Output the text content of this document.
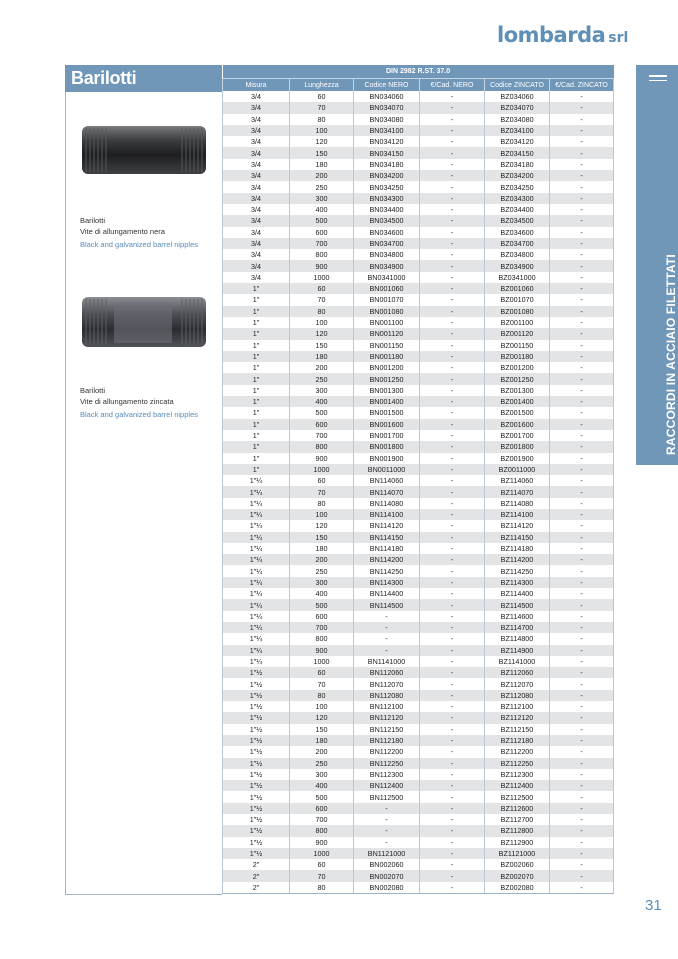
lombarda srl
Barilotti
Barilotti
Vite di allungamento nera
Black and galvanized barrel nipples
Barilotti
Vite di allungamento zincata
Black and galvanized barrel nipples
DIN 2982 R.ST. 37.0					
Misura	Lunghezza	Codice NERO	€/Cad. NERO	Codice ZINCATO	€/Cad. ZINCATO
3/4	60	BN034060	-	BZ034060	-
3/4	70	BN034070	-	BZ034070	-
3/4	80	BN034080	-	BZ034080	-
3/4	100	BN034100	-	BZ034100	-
3/4	120	BN034120	-	BZ034120	-
3/4	150	BN034150	-	BZ034150	-
3/4	180	BN034180	-	BZ034180	-
3/4	200	BN034200	-	BZ034200	-
3/4	250	BN034250	-	BZ034250	-
3/4	300	BN034300	-	BZ034300	-
3/4	400	BN034400	-	BZ034400	-
3/4	500	BN034500	-	BZ034500	-
3/4	600	BN034600	-	BZ034600	-
3/4	700	BN034700	-	BZ034700	-
3/4	800	BN034800	-	BZ034800	-
3/4	900	BN034900	-	BZ034900	-
3/4	1000	BN0341000	-	BZ0341000	-
1"	60	BN001060	-	BZ001060	-
1"	70	BN001070	-	BZ001070	-
1"	80	BN001080	-	BZ001080	-
1"	100	BN001100	-	BZ001100	-
1"	120	BN001120	-	BZ001120	-
1"	150	BN001150	-	BZ001150	-
1"	180	BN001180	-	BZ001180	-
1"	200	BN001200	-	BZ001200	-
1"	250	BN001250	-	BZ001250	-
1"	300	BN001300	-	BZ001300	-
1"	400	BN001400	-	BZ001400	-
1"	500	BN001500	-	BZ001500	-
1"	600	BN001600	-	BZ001600	-
1"	700	BN001700	-	BZ001700	-
1"	800	BN001800	-	BZ001800	-
1"	900	BN001900	-	BZ001900	-
1"	1000	BN0011000	-	BZ0011000	-
1"¼	60	BN114060	-	BZ114060	-
1"¼	70	BN114070	-	BZ114070	-
1"¼	80	BN114080	-	BZ114080	-
1"¼	100	BN114100	-	BZ114100	-
1"¼	120	BN114120	-	BZ114120	-
1"¼	150	BN114150	-	BZ114150	-
1"¼	180	BN114180	-	BZ114180	-
1"¼	200	BN114200	-	BZ114200	-
1"¼	250	BN114250	-	BZ114250	-
1"¼	300	BN114300	-	BZ114300	-
1"¼	400	BN114400	-	BZ114400	-
1"¼	500	BN114500	-	BZ114500	-
1"¼	600	-	-	BZ114600	-
1"¼	700	-	-	BZ114700	-
1"¼	800	-	-	BZ114800	-
1"¼	900	-	-	BZ114900	-
1"¼	1000	BN1141000	-	BZ1141000	-
1"½	60	BN112060	-	BZ112060	-
1"½	70	BN112070	-	BZ112070	-
1"½	80	BN112080	-	BZ112080	-
1"½	100	BN112100	-	BZ112100	-
1"½	120	BN112120	-	BZ112120	-
1"½	150	BN112150	-	BZ112150	-
1"½	180	BN112180	-	BZ112180	-
1"½	200	BN112200	-	BZ112200	-
1"½	250	BN112250	-	BZ112250	-
1"½	300	BN112300	-	BZ112300	-
1"½	400	BN112400	-	BZ112400	-
1"½	500	BN112500	-	BZ112500	-
1"½	600	-	-	BZ112600	-
1"½	700	-	-	BZ112700	-
1"½	800	-	-	BZ112800	-
1"½	900	-	-	BZ112900	-
1"½	1000	BN1121000	-	BZ1121000	-
2"	60	BN002060	-	BZ002060	-
2"	70	BN002070	-	BZ002070	-
2"	80	BN002080	-	BZ002080	-
RACCORDI IN ACCIAIO FILETTATI
31
